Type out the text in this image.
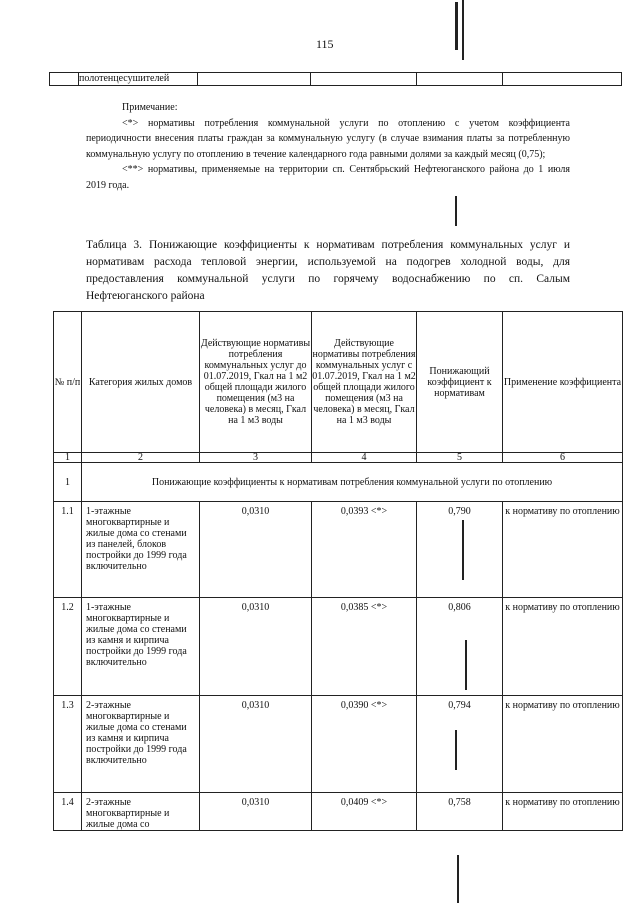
115
	полотенцесушителей				

Примечание:

<*> нормативы потребления коммунальной услуги по отоплению с учетом коэффициента периодичности внесения платы граждан за коммунальную услугу (в случае взимания платы за потребленную коммунальную услугу по отоплению в течение календарного года равными долями за каждый месяц (0,75);

<**> нормативы, применяемые на территории сп. Сентябрьский Нефтеюганского района до 1 июля 2019 года.

Таблица 3. Понижающие коэффициенты к нормативам потребления коммунальных услуг и нормативам расхода тепловой энергии, используемой на подогрев холодной воды, для предоставления коммунальной услуги по горячему водоснабжению по сп. Салым Нефтеюганского района
№ п/п	Категория жилых домов	Действующие нормативы потребления коммунальных услуг до 01.07.2019, Гкал на 1 м2 общей площади жилого помещения (м3 на человека) в месяц, Гкал на 1 м3 воды	Действующие нормативы потребления коммунальных услуг с 01.07.2019, Гкал на 1 м2 общей площади жилого помещения (м3 на человека) в месяц, Гкал на 1 м3 воды	Понижающий коэффициент к нормативам	Применение коэффициента
1	2	3	4	5	6
1	Понижающие коэффициенты к нормативам потребления коммунальной услуги по отоплению				
1.1	1-этажные многоквартирные и жилые дома со стенами из панелей, блоков постройки до 1999 года включительно	0,0310	0,0393 <*>	0,790	к нормативу по отоплению
1.2	1-этажные многоквартирные и жилые дома со стенами из камня и кирпича постройки до 1999 года включительно	0,0310	0,0385 <*>	0,806	к нормативу по отоплению
1.3	2-этажные многоквартирные и жилые дома со стенами из камня и кирпича постройки до 1999 года включительно	0,0310	0,0390 <*>	0,794	к нормативу по отоплению
1.4	2-этажные многоквартирные и жилые дома со	0,0310	0,0409 <*>	0,758	к нормативу по отоплению
